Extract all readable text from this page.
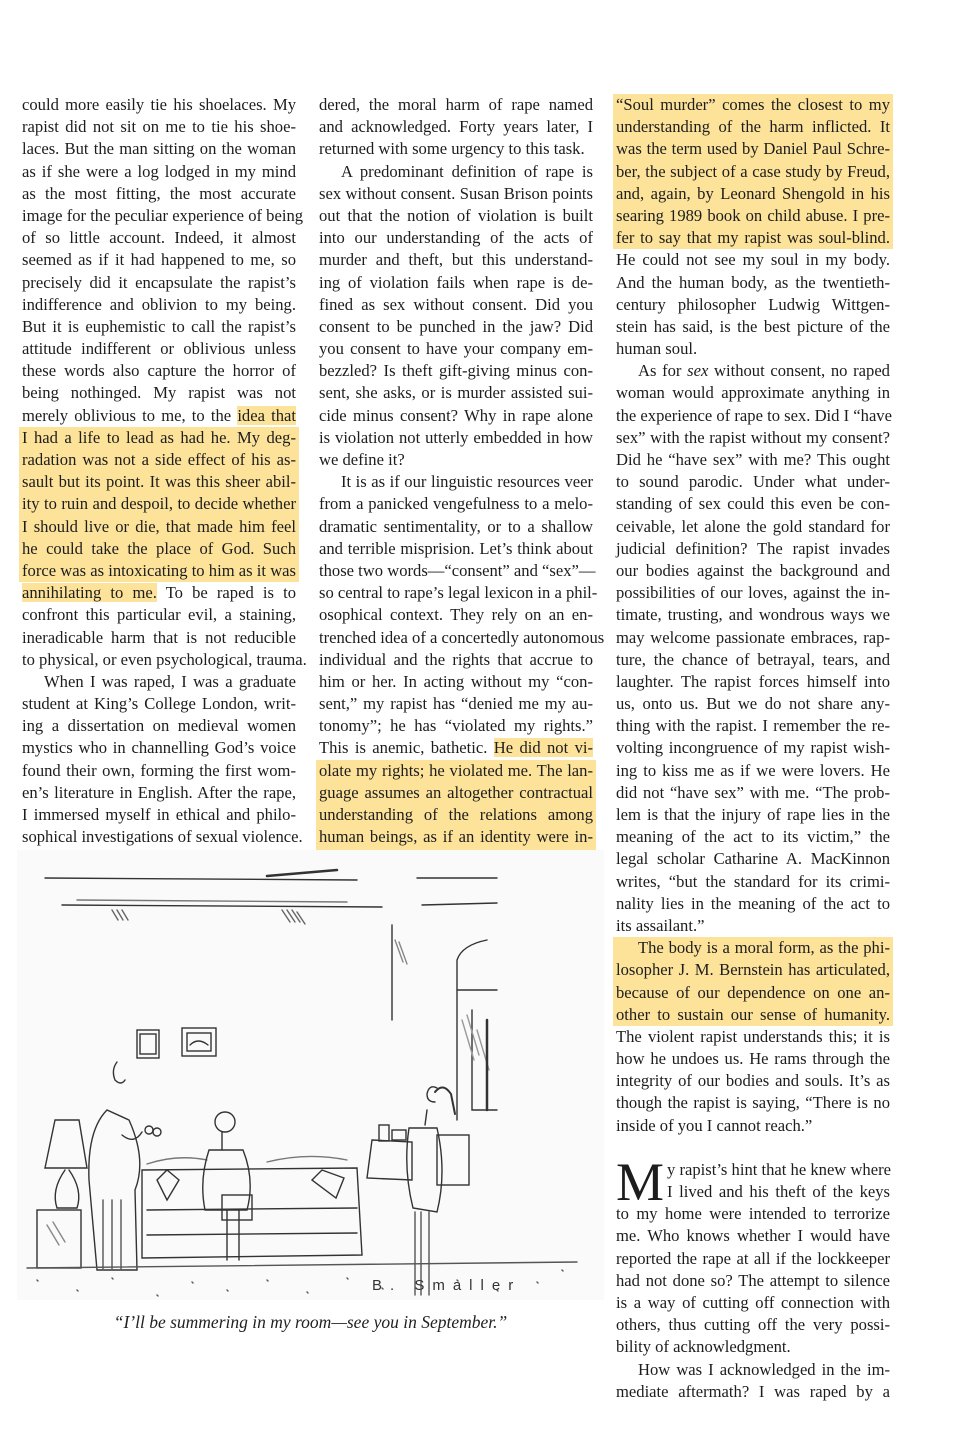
could more easily tie his shoelaces. My
rapist did not sit on me to tie his shoe-
laces. But the man sitting on the woman
as if she were a log lodged in my mind
as the most fitting, the most accurate
image for the peculiar experience of being
of so little account. Indeed, it almost
seemed as if it had happened to me, so
precisely did it encapsulate the rapist’s
indifference and oblivion to my being.
But it is euphemistic to call the rapist’s
attitude indifferent or oblivious unless
these words also capture the horror of
being nothinged. My rapist was not
merely oblivious to me, to the idea that
I had a life to lead as had he. My deg-
radation was not a side effect of his as-
sault but its point. It was this sheer abil-
ity to ruin and despoil, to decide whether
I should live or die, that made him feel
he could take the place of God. Such
force was as intoxicating to him as it was
annihilating to me. To be raped is to
confront this particular evil, a staining,
ineradicable harm that is not reducible
to physical, or even psychological, trauma.
When I was raped, I was a graduate
student at King’s College London, writ-
ing a dissertation on medieval women
mystics who in channelling God’s voice
found their own, forming the first wom-
en’s literature in English. After the rape,
I immersed myself in ethical and philo-
sophical investigations of sexual violence.
dered, the moral harm of rape named
and acknowledged. Forty years later, I
returned with some urgency to this task.
A predominant definition of rape is
sex without consent. Susan Brison points
out that the notion of violation is built
into our understanding of the acts of
murder and theft, but this understand-
ing of violation fails when rape is de-
fined as sex without consent. Did you
consent to be punched in the jaw? Did
you consent to have your company em-
bezzled? Is theft gift-giving minus con-
sent, she asks, or is murder assisted sui-
cide minus consent? Why in rape alone
is violation not utterly embedded in how
we define it?
It is as if our linguistic resources veer
from a panicked vengefulness to a melo-
dramatic sentimentality, or to a shallow
and terrible misprision. Let’s think about
those two words—“consent” and “sex”—
so central to rape’s legal lexicon in a phil-
osophical context. They rely on an en-
trenched idea of a concertedly autonomous
individual and the rights that accrue to
him or her. In acting without my “con-
sent,” my rapist has “denied me my au-
tonomy”; he has “violated my rights.”
This is anemic, bathetic. He did not vi-
olate my rights; he violated me. The lan-
guage assumes an altogether contractual
understanding of the relations among
human beings, as if an identity were in-
“Soul murder” comes the closest to my
understanding of the harm inflicted. It
was the term used by Daniel Paul Schre-
ber, the subject of a case study by Freud,
and, again, by Leonard Shengold in his
searing 1989 book on child abuse. I pre-
fer to say that my rapist was soul-blind.
He could not see my soul in my body.
And the human body, as the twentieth-
century philosopher Ludwig Wittgen-
stein has said, is the best picture of the
human soul.
As for sex without consent, no raped
woman would approximate anything in
the experience of rape to sex. Did I “have
sex” with the rapist without my consent?
Did he “have sex” with me? This ought
to sound parodic. Under what under-
standing of sex could this even be con-
ceivable, let alone the gold standard for
judicial definition? The rapist invades
our bodies against the background and
possibilities of our loves, against the in-
timate, trusting, and wondrous ways we
may welcome passionate embraces, rap-
ture, the chance of betrayal, tears, and
laughter. The rapist forces himself into
us, onto us. But we do not share any-
thing with the rapist. I remember the re-
volting incongruence of my rapist wish-
ing to kiss me as if we were lovers. He
did not “have sex” with me. “The prob-
lem is that the injury of rape lies in the
meaning of the act to its victim,” the
legal scholar Catharine A. MacKinnon
writes, “but the standard for its crimi-
nality lies in the meaning of the act to
its assailant.”
The body is a moral form, as the phi-
losopher J. M. Bernstein has articulated,
because of our dependence on one an-
other to sustain our sense of humanity.
The violent rapist understands this; it is
how he undoes us. He rams through the
integrity of our bodies and souls. It’s as
though the rapist is saying, “There is no
inside of you I cannot reach.”
M y rapist’s hint that he knew where
I lived and his theft of the keys
to my home were intended to terrorize
me. Who knows whether I would have
reported the rape at all if the lockkeeper
had not done so? The attempt to silence
is a way of cutting off connection with
others, thus cutting off the very possi-
bility of acknowledgment.
How was I acknowledged in the im-
mediate aftermath? I was raped by a
B. Smaller
“I’ll be summering in my room—see you in September.”
